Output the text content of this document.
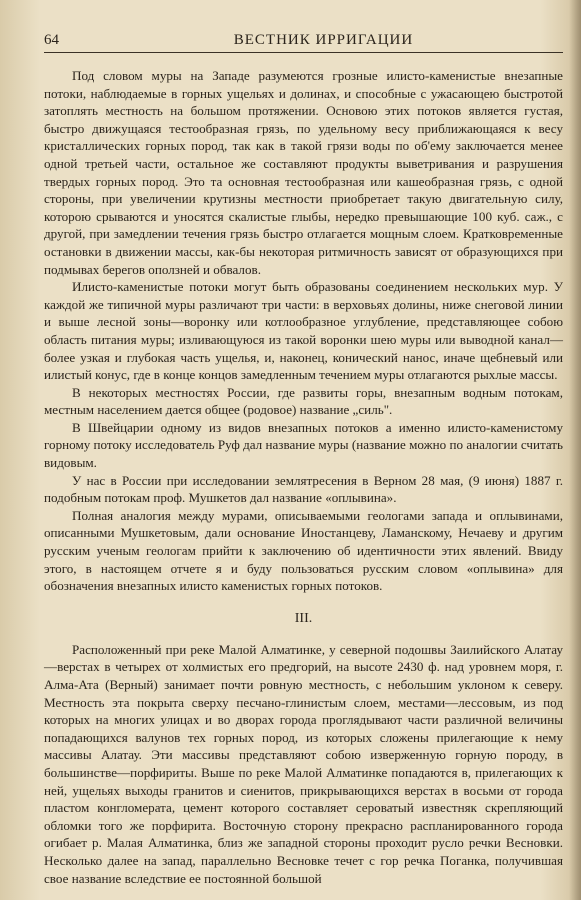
64	ВЕСТНИК ИРРИГАЦИИ

Под словом муры на Западе разумеются грозные илисто-каменистые внезапные потоки, наблюдаемые в горных ущельях и долинах, и способные с ужасающею быстротой затоплять местность на большом протяжении. Основою этих потоков является густая, быстро движущаяся тестообразная грязь, по удельному весу приближающаяся к весу кристаллических горных пород, так как в такой грязи воды по об'ему заключается менее одной третьей части, остальное же составляют продукты выветривания и разрушения твердых горных пород. Это та основная тестообразная или кашеобразная грязь, с одной стороны, при увеличении крутизны местности приобретает такую двигательную силу, которою срываются и уносятся скалистые глыбы, нередко превышающие 100 куб. саж., с другой, при замедлении течения грязь быстро отлагается мощным слоем. Кратковременные остановки в движении массы, как-бы некоторая ритмичность зависят от образующихся при подмывах берегов оползней и обвалов.

Илисто-каменистые потоки могут быть образованы соединением нескольких мур. У каждой же типичной муры различают три части: в верховьях долины, ниже снеговой линии и выше лесной зоны—воронку или котлообразное углубление, представляющее собою область питания муры; изливающуюся из такой воронки шею муры или выводной канал—более узкая и глубокая часть ущелья, и, наконец, конический нанос, иначе щебневый или илистый конус, где в конце концов замедленным течением муры отлагаются рыхлые массы.

В некоторых местностях России, где развиты горы, внезапным водным потокам, местным населением дается общее (родовое) название „силь".

В Швейцарии одному из видов внезапных потоков а именно илисто-каменистому горному потоку исследователь Руф дал название муры (название можно по аналогии считать видовым.

У нас в России при исследовании землятресения в Верном 28 мая, (9 июня) 1887 г. подобным потокам проф. Мушкетов дал название «оплывина».

Полная аналогия между мурами, описываемыми геологами запада и оплывинами, описанными Мушкетовым, дали основание Иностанцеву, Ламанскому, Нечаеву и другим русским ученым геологам прийти к заключению об идентичности этих явлений. Ввиду этого, в настоящем отчете я и буду пользоваться русским словом «оплывина» для обозначения внезапных илисто каменистых горных потоков.

III.

Расположенный при реке Малой Алматинке, у северной подошвы Заилийского Алатау—верстах в четырех от холмистых его предгорий, на высоте 2430 ф. над уровнем моря, г. Алма-Ата (Верный) занимает почти ровную местность, с небольшим уклоном к северу. Местность эта покрыта сверху песчано-глинистым слоем, местами—лессовым, из под которых на многих улицах и во дворах города проглядывают части различной величины попадающихся валунов тех горных пород, из которых сложены прилегающие к нему массивы Алатау. Эти массивы представляют собою изверженную горную породу, в большинстве—порфириты. Выше по реке Малой Алматинке попадаются в, прилегающих к ней, ущельях выходы гранитов и сиенитов, прикрывающихся верстах в восьми от города пластом конгломерата, цемент которого составляет сероватый известняк скрепляющий обломки того же порфирита. Восточную сторону прекрасно распланированного города огибает р. Малая Алматинка, близ же западной стороны проходит русло речки Весновки. Несколько далее на запад, параллельно Весновке течет с гор речка Поганка, получившая свое название вследствие ее постоянной большой
